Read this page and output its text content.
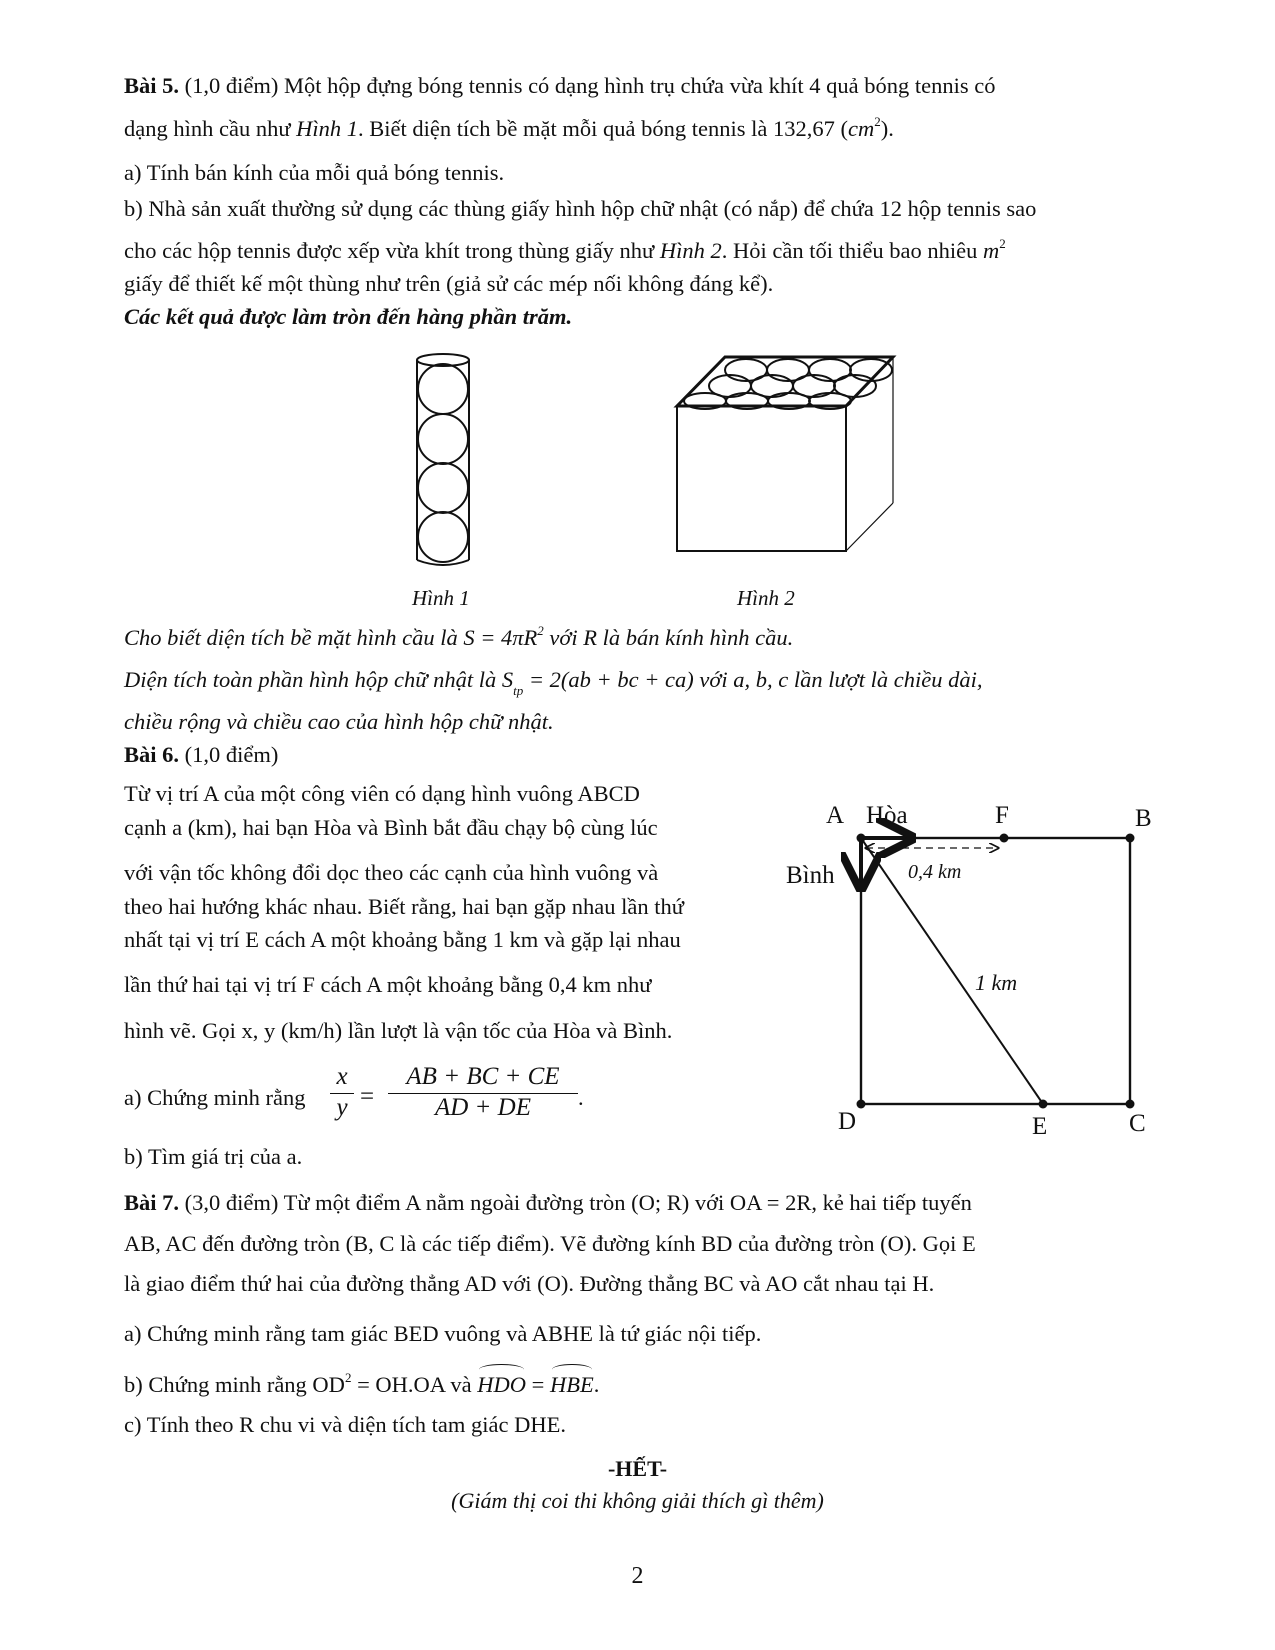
Bài 5. (1,0 điểm) Một hộp đựng bóng tennis có dạng hình trụ chứa vừa khít 4 quả bóng tennis có
dạng hình cầu như Hình 1. Biết diện tích bề mặt mỗi quả bóng tennis là 132,67 $(cm^2)$.
a) Tính bán kính của mỗi quả bóng tennis.
b) Nhà sản xuất thường sử dụng các thùng giấy hình hộp chữ nhật (có nắp) để chứa 12 hộp tennis sao
cho các hộp tennis được xếp vừa khít trong thùng giấy như Hình 2. Hỏi cần tối thiểu bao nhiêu $m^2$
giấy để thiết kế một thùng như trên (giả sử các mép nối không đáng kể).
Các kết quả được làm tròn đến hàng phần trăm.
Hình 1	Hình 2
Cho biết diện tích bề mặt hình cầu là $S = 4\pi R^2$ với R là bán kính hình cầu.
Diện tích toàn phần hình hộp chữ nhật là $S_{tp} = 2(ab$ + bc + ca) với a, b, c lần lượt là chiều dài,
chiều rộng và chiều cao của hình hộp chữ nhật.
Bài 6. (1,0 điểm)
Từ vị trí A của một công viên có dạng hình vuông ABCD
cạnh a (km), hai bạn Hòa và Bình bắt đầu chạy bộ cùng lúc
với vận tốc không đổi dọc theo các cạnh của hình vuông và
theo hai hướng khác nhau. Biết rằng, hai bạn gặp nhau lần thứ
nhất tại vị trí E cách A một khoảng bằng 1 km và gặp lại nhau
lần thứ hai tại vị trí F cách A một khoảng bằng 0,4 km như
hình vẽ. Gọi x, y (km/h) lần lượt là vận tốc của Hòa và Bình.
a) Chứng minh rằng
x
y =
AB + BC + CE
AD + DE	.
b) Tìm giá trị của a.
A Hòa	F	B
Bình	0,4 km
1 km
D	E	C
Bài 7. (3,0 điểm) Từ một điểm A nằm ngoài đường tròn (O; R) với OA = 2R, kẻ hai tiếp tuyến
AB, AC đến đường tròn (B, C là các tiếp điểm). Vẽ đường kính BD của đường tròn (O). Gọi E
là giao điểm thứ hai của đường thẳng AD với (O). Đường thẳng BC và AO cắt nhau tại H.
a) Chứng minh rằng tam giác BED vuông và ABHE là tứ giác nội tiếp.
b) Chứng minh rằng $OD^2 = OH.OA$ và HDO = HBE.
c) Tính theo R chu vi và diện tích tam giác DHE.
-HẾT-
(Giám thị coi thi không giải thích gì thêm)
2
